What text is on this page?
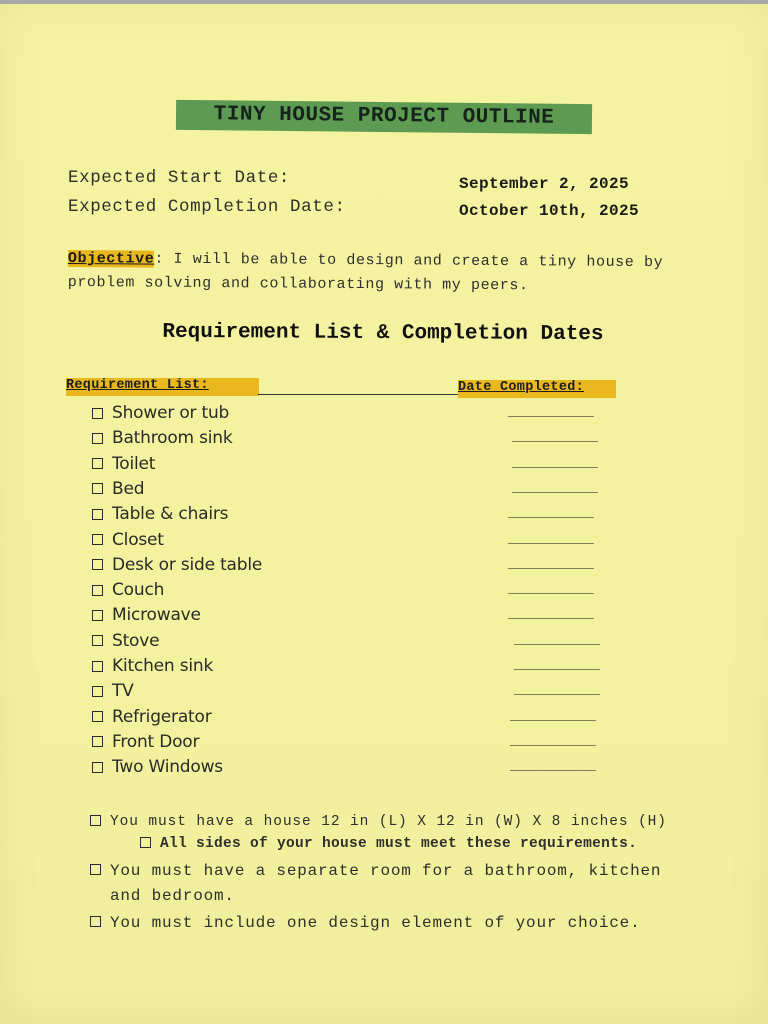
TINY HOUSE PROJECT OUTLINE
Expected Start Date:	September 2, 2025
Expected Completion Date:	October 10th, 2025
Objective: I will be able to design and create a tiny house by problem solving and collaborating with my peers.
Requirement List & Completion Dates
Requirement List:	Date Completed:
Shower or tub	___________
Bathroom sink	___________
Toilet	___________
Bed	___________
Table & chairs	___________
Closet	___________
Desk or side table	___________
Couch	___________
Microwave	___________
Stove	___________
Kitchen sink	___________
TV	___________
Refrigerator	___________
Front Door	___________
Two Windows	___________
You must have a house 12 in (L) X 12 in (W) X 8 inches (H)
All sides of your house must meet these requirements.
You must have a separate room for a bathroom, kitchen and bedroom.
You must include one design element of your choice.
